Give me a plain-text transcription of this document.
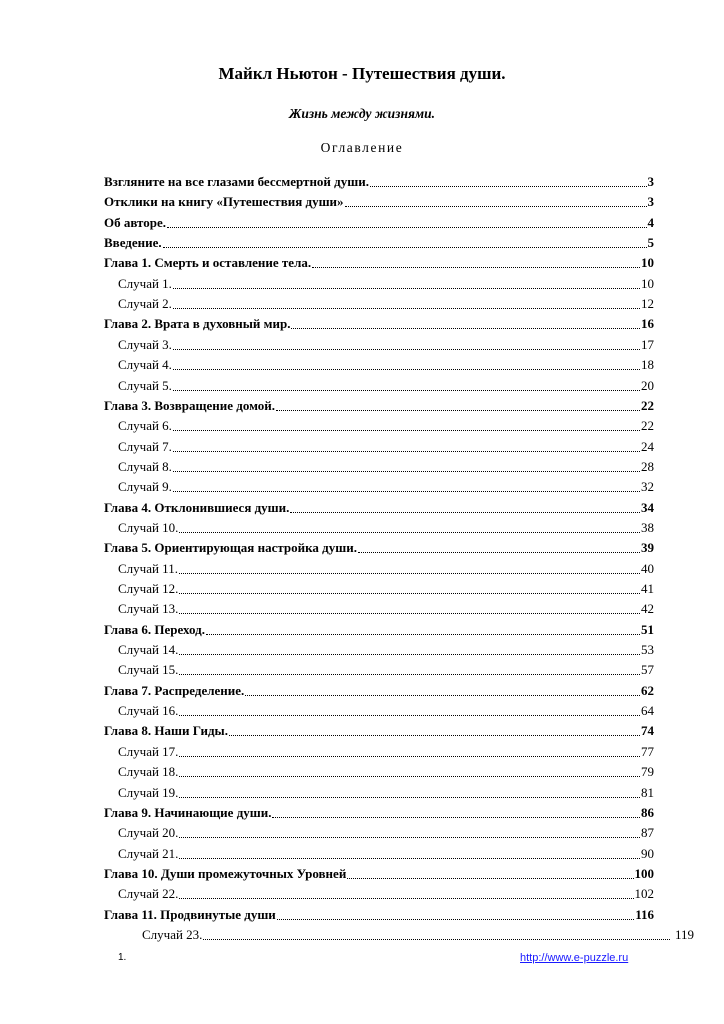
Майкл Ньютон - Путешествия души.
Жизнь между жизнями.
Оглавление
Взгляните на все глазами бессмертной души.	3
Отклики на книгу «Путешествия души»	3
Об авторе.	4
Введение.	5
Глава 1. Смерть и оставление тела.	10
Случай 1.	10
Случай 2.	12
Глава 2. Врата в духовный мир.	16
Случай 3.	17
Случай 4.	18
Случай 5.	20
Глава 3. Возвращение домой.	22
Случай 6.	22
Случай 7.	24
Случай 8.	28
Случай 9.	32
Глава 4. Отклонившиеся души.	34
Случай 10.	38
Глава 5. Ориентирующая настройка души.	39
Случай 11.	40
Случай 12.	41
Случай 13.	42
Глава 6. Переход.	51
Случай 14.	53
Случай 15.	57
Глава 7. Распределение.	62
Случай 16.	64
Глава 8. Наши Гиды.	74
Случай 17.	77
Случай 18.	79
Случай 19.	81
Глава 9. Начинающие души.	86
Случай 20.	87
Случай 21.	90
Глава 10. Души промежуточных Уровней	100
Случай 22.	102
Глава 11. Продвинутые души	116
Случай 23.	119
1.	http://www.e-puzzle.ru
